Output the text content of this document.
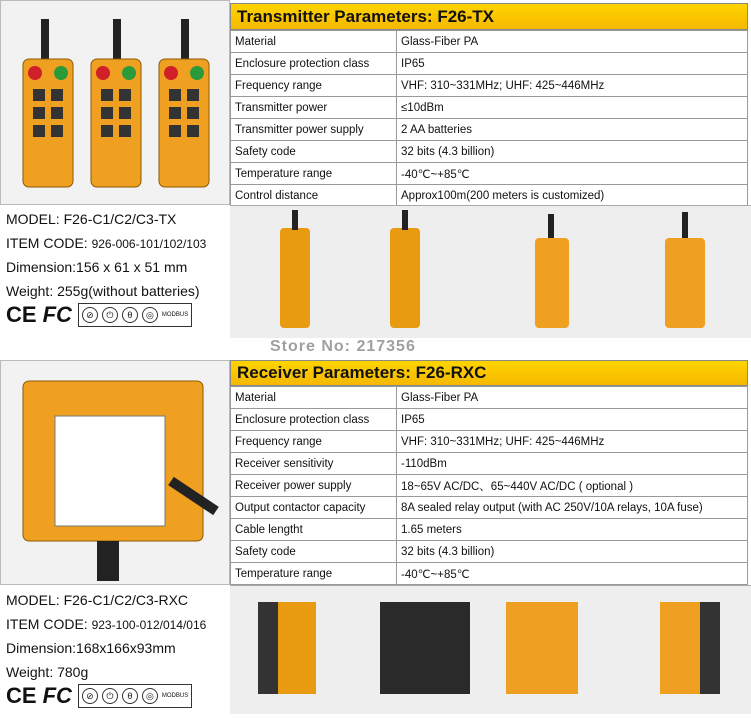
Transmitter Parameters: F26-TX
Material	Glass-Fiber PA
Enclosure protection class	IP65
Frequency range	VHF: 310~331MHz; UHF: 425~446MHz
Transmitter power	≤10dBm
Transmitter power supply	2 AA batteries
Safety code	32 bits (4.3 billion)
Temperature range	-40℃~+85℃
Control distance	Approx100m(200 meters is customized)
MODEL: F26-C1/C2/C3-TX
ITEM CODE: 926-006-101/102/103
Dimension:156 x 61 x 51 mm
Weight: 255g(without batteries)
CE FC	⊘	⏻	θ	◎	MODBUS
Store No: 217356
Receiver Parameters: F26-RXC
Material	Glass-Fiber PA
Enclosure protection class	IP65
Frequency range	VHF: 310~331MHz; UHF: 425~446MHz
Receiver sensitivity	-110dBm
Receiver power supply	18~65V AC/DC、65~440V AC/DC ( optional )
Output contactor capacity	8A sealed relay output (with AC 250V/10A relays, 10A fuse)
Cable lengtht	1.65 meters
Safety code	32 bits (4.3 billion)
Temperature range	-40℃~+85℃
MODEL: F26-C1/C2/C3-RXC
ITEM CODE: 923-100-012/014/016
Dimension:168x166x93mm
Weight: 780g
CE FC	⊘	⏻	θ	◎	MODBUS
